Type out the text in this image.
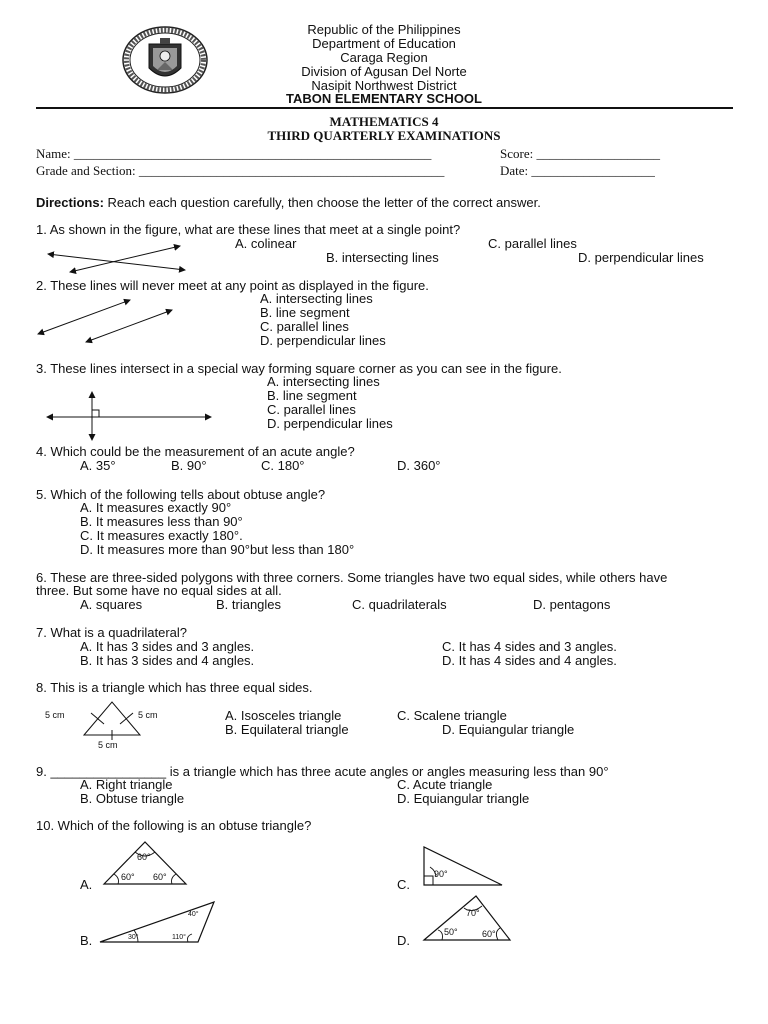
Republic of the Philippines
Department of Education
Caraga Region
Division of Agusan Del Norte
Nasipit Northwest District
TABON ELEMENTARY SCHOOL
MATHEMATICS 4
THIRD QUARTERLY EXAMINATIONS
Name: _______________________________________________________	Score: ___________________
Grade and Section: _______________________________________________	Date: ___________________
Directions: Reach each question carefully, then choose the letter of the correct answer.
1. As shown in the figure, what are these lines that meet at a single point?
A. colinear
B. intersecting lines
C. parallel lines
D. perpendicular lines
2. These lines will never meet at any point as displayed in the figure.
A. intersecting lines
B. line segment
C. parallel lines
D. perpendicular lines
3. These lines intersect in a special way forming square corner as you can see in the figure.
A. intersecting lines
B. line segment
C. parallel lines
D. perpendicular lines
4. Which could be the measurement of an acute angle?
A. 35°	B. 90°	C. 180°	D. 360°
5. Which of the following tells about obtuse angle?
A. It measures exactly 90°
B. It measures less than 90°
C. It measures exactly 180°.
D. It measures more than 90°but less than 180°
6. These are three-sided polygons with three corners. Some triangles have two equal sides, while others have
three. But some have no equal sides at all.
A. squares	B. triangles	C. quadrilaterals	D. pentagons
7. What is a quadrilateral?
A. It has 3 sides and 3 angles.
B. It has 3 sides and 4 angles.
C. It has 4 sides and 3 angles.
D. It has 4 sides and 4 angles.
8. This is a triangle which has three equal sides.
A. Isosceles triangle
B. Equilateral triangle
C. Scalene triangle
D. Equiangular triangle
5 cm	5 cm
5 cm
9. ________________ is a triangle which has three acute angles or angles measuring less than 90°
A. Right triangle
B. Obtuse triangle
C. Acute triangle
D. Equiangular triangle
10. Which of the following is an obtuse triangle?
A.
B.
C.
D.
60°
60° 60°
30°	110°
40°
90°
70°
50°	60°
